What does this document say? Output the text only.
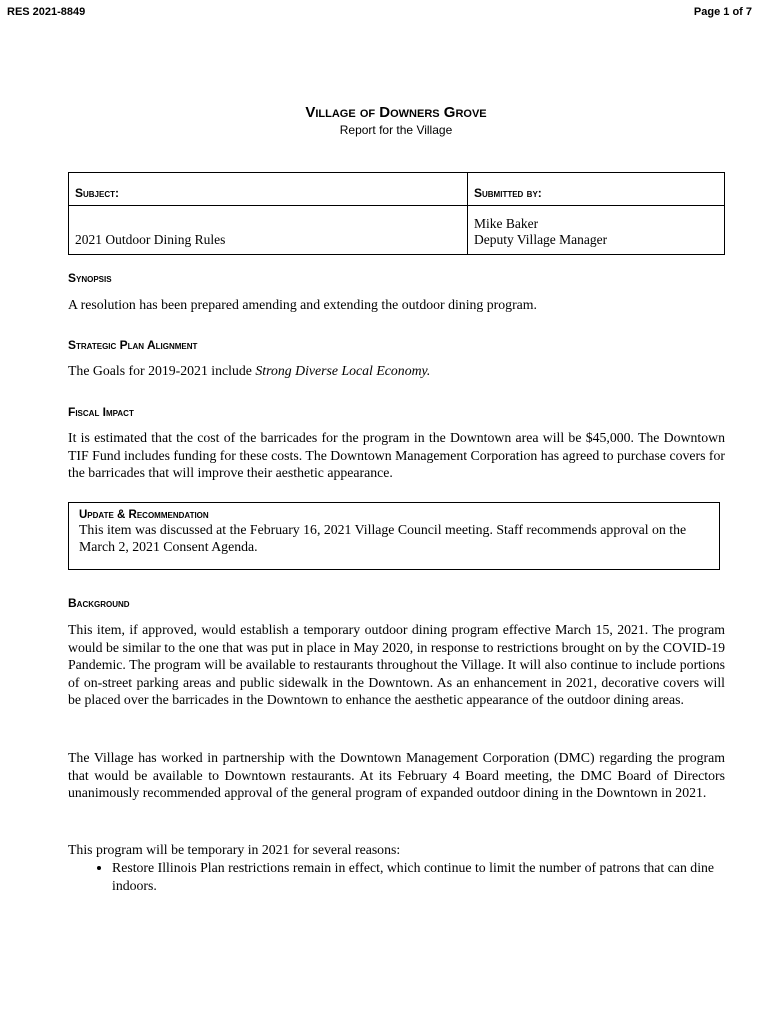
RES 2021-8849	Page 1 of 7
Village of Downers Grove
Report for the Village
Subject:	Submitted by:
2021 Outdoor Dining Rules	Mike Baker
Deputy Village Manager
Synopsis
A resolution has been prepared amending and extending the outdoor dining program.
Strategic Plan Alignment
The Goals for 2019-2021 include Strong Diverse Local Economy.
Fiscal Impact
It is estimated that the cost of the barricades for the program in the Downtown area will be $45,000. The Downtown TIF Fund includes funding for these costs. The Downtown Management Corporation has agreed to purchase covers for the barricades that will improve their aesthetic appearance.
Update & Recommendation
This item was discussed at the February 16, 2021 Village Council meeting. Staff recommends approval on the March 2, 2021 Consent Agenda.
Background
This item, if approved, would establish a temporary outdoor dining program effective March 15, 2021. The program would be similar to the one that was put in place in May 2020, in response to restrictions brought on by the COVID-19 Pandemic. The program will be available to restaurants throughout the Village. It will also continue to include portions of on-street parking areas and public sidewalk in the Downtown. As an enhancement in 2021, decorative covers will be placed over the barricades in the Downtown to enhance the aesthetic appearance of the outdoor dining areas.
The Village has worked in partnership with the Downtown Management Corporation (DMC) regarding the program that would be available to Downtown restaurants. At its February 4 Board meeting, the DMC Board of Directors unanimously recommended approval of the general program of expanded outdoor dining in the Downtown in 2021.
This program will be temporary in 2021 for several reasons:
• Restore Illinois Plan restrictions remain in effect, which continue to limit the number of patrons that can dine indoors.
